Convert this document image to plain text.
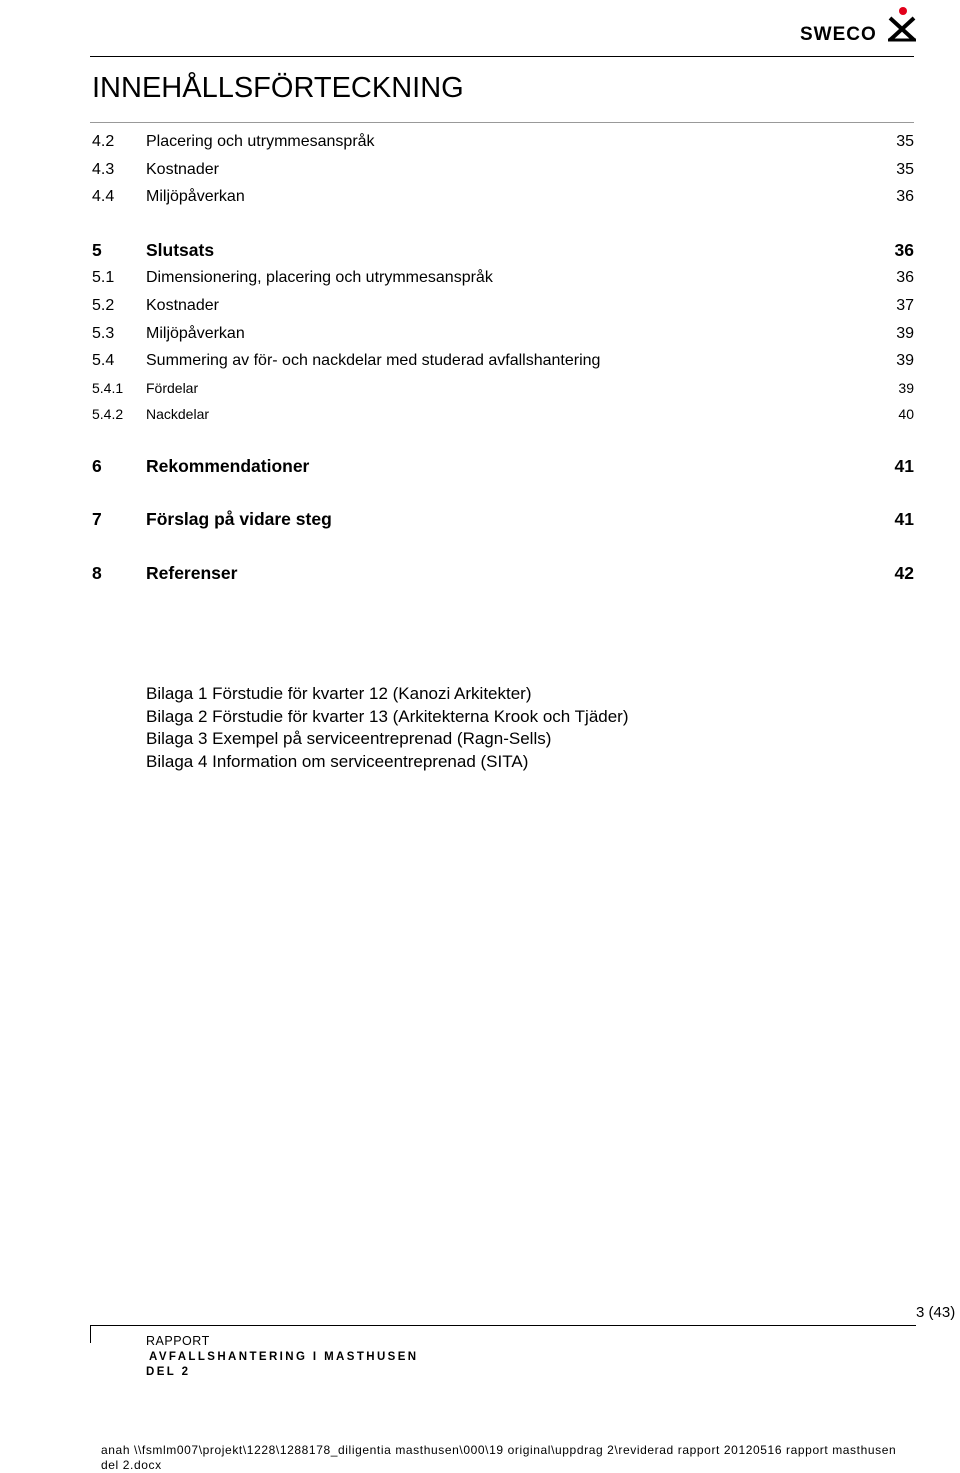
SWECO
INNEHÅLLSFÖRTECKNING
4.2 Placering och utrymmesanspråk	35
4.3 Kostnader	35
4.4 Miljöpåverkan	36
5	Slutsats	36
5.1 Dimensionering, placering och utrymmesanspråk	36
5.2 Kostnader	37
5.3 Miljöpåverkan	39
5.4 Summering av för- och nackdelar med studerad avfallshantering	39
5.4.1 Fördelar	39
5.4.2 Nackdelar	40
6	Rekommendationer	41
7	Förslag på vidare steg	41
8	Referenser	42
Bilaga 1 Förstudie för kvarter 12 (Kanozi Arkitekter)
Bilaga 2 Förstudie för kvarter 13 (Arkitekterna Krook och Tjäder)
Bilaga 3 Exempel på serviceentreprenad (Ragn-Sells)
Bilaga 4 Information om serviceentreprenad (SITA)
3 (43)
RAPPORT
AVFALLSHANTERING I MASTHUSEN
DEL 2
anah \\fsmlm007\projekt\1228\1288178_diligentia masthusen\000\19 original\uppdrag 2\reviderad rapport 20120516 rapport masthusen del 2.docx
